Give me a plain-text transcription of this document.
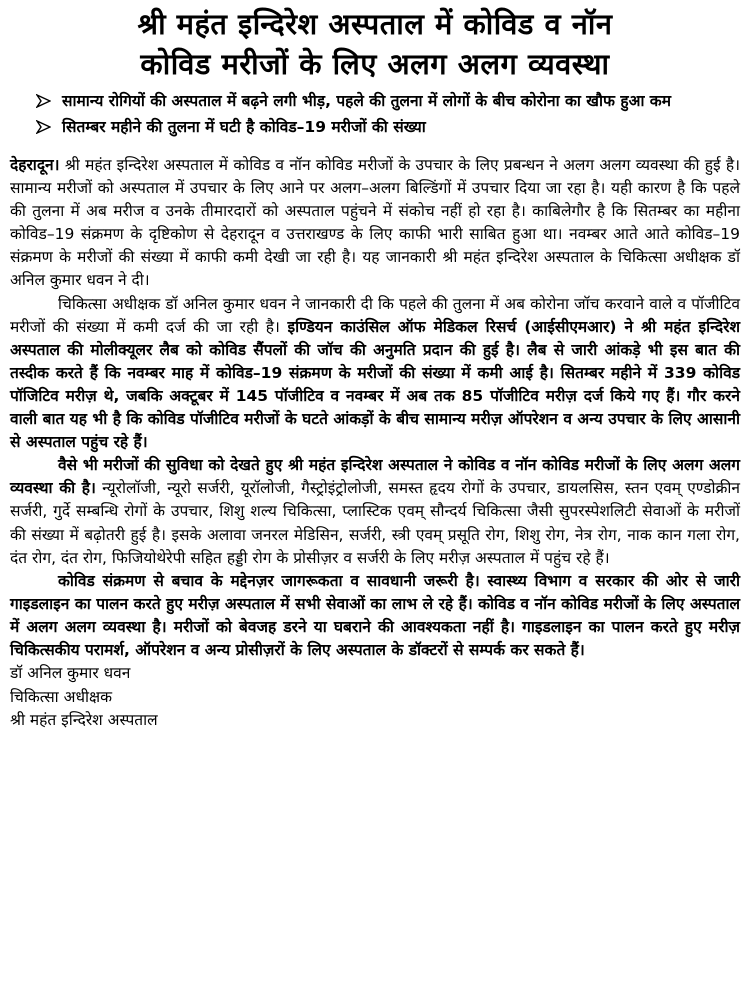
श्री महंत इन्दिरेश अस्पताल में कोविड व नॉन
कोविड मरीजों के लिए अलग अलग व्यवस्था
सामान्य रोगियों की अस्पताल में बढ़ने लगी भीड़, पहले की तुलना में लोगों के बीच कोरोना का खौफ हुआ कम
सितम्बर महीने की तुलना में घटी है कोविड–19 मरीजों की संख्या

देहरादून। श्री महंत इन्दिरेश अस्पताल में कोविड व नॉन कोविड मरीजों के उपचार के लिए प्रबन्धन ने अलग अलग व्यवस्था की हुई है। सामान्य मरीजों को अस्पताल में उपचार के लिए आने पर अलग–अलग बिल्डिंगों में उपचार दिया जा रहा है। यही कारण है कि पहले की तुलना में अब मरीज व उनके तीमारदारों को अस्पताल पहुंचने में संकोच नहीं हो रहा है। काबिलेगौर है कि सितम्बर का महीना कोविड–19 संक्रमण के दृष्टिकोण से देहरादून व उत्तराखण्ड के लिए काफी भारी साबित हुआ था। नवम्बर आते आते कोविड–19 संक्रमण के मरीजों की संख्या में काफी कमी देखी जा रही है। यह जानकारी श्री महंत इन्दिरेश अस्पताल के चिकित्सा अधीक्षक डॉ अनिल कुमार धवन ने दी।

चिकित्सा अधीक्षक डॉ अनिल कुमार धवन ने जानकारी दी कि पहले की तुलना में अब कोरोना जॉच करवाने वाले व पॉजीटिव मरीजों की संख्या में कमी दर्ज की जा रही है। इण्डियन काउंसिल ऑफ मेडिकल रिसर्च (आईसीएमआर) ने श्री महंत इन्दिरेश अस्पताल की मोलीक्यूलर लैब को कोविड सैंपलों की जॉच की अनुमति प्रदान की हुई है। लैब से जारी आंकड़े भी इस बात की तस्दीक करते हैं कि नवम्बर माह में कोविड–19 संक्रमण के मरीजों की संख्या में कमी आई है। सितम्बर महीने में 339 कोविड पॉजिटिव मरीज़ थे, जबकि अक्टूबर में 145 पॉजीटिव व नवम्बर में अब तक 85 पॉजीटिव मरीज़ दर्ज किये गए हैं। गौर करने वाली बात यह भी है कि कोविड पॉजीटिव मरीजों के घटते आंकड़ों के बीच सामान्य मरीज़ ऑपरेशन व अन्य उपचार के लिए आसानी से अस्पताल पहुंच रहे हैं।

वैसे भी मरीजों की सुविधा को देखते हुए श्री महंत इन्दिरेश अस्पताल ने कोविड व नॉन कोविड मरीजों के लिए अलग अलग व्यवस्था की है। न्यूरोलॉजी, न्यूरो सर्जरी, यूरॉलोजी, गैस्ट्रोइंट्रोलोजी, समस्त हृदय रोगों के उपचार, डायलसिस, स्तन एवम् एण्डोक्रीन सर्जरी, गुर्दे सम्बन्धि रोगों के उपचार, शिशु शल्य चिकित्सा, प्लास्टिक एवम् सौन्दर्य चिकित्सा जैसी सुपरस्पेशलिटी सेवाओं के मरीजों की संख्या में बढ़ोतरी हुई है। इसके अलावा जनरल मेडिसिन, सर्जरी, स्त्री एवम् प्रसूति रोग, शिशु रोग, नेत्र रोग, नाक कान गला रोग, दंत रोग, दंत रोग, फिजियोथेरेपी सहित हड्डी रोग के प्रोसीज़र व सर्जरी के लिए मरीज़ अस्पताल में पहुंच रहे हैं।

कोविड संक्रमण से बचाव के मद्देनज़र जागरूकता व सावधानी जरूरी है। स्वास्थ्य विभाग व सरकार की ओर से जारी गाइडलाइन का पालन करते हुए मरीज़ अस्पताल में सभी सेवाओं का लाभ ले रहे हैं। कोविड व नॉन कोविड मरीजों के लिए अस्पताल में अलग अलग व्यवस्था है। मरीजों को बेवजह डरने या घबराने की आवश्यकता नहीं है। गाइडलाइन का पालन करते हुए मरीज़ चिकित्सकीय परामर्श, ऑपरेशन व अन्य प्रोसीज़रों के लिए अस्पताल के डॉक्टरों से सम्पर्क कर सकते हैं।

डॉ अनिल कुमार धवन
चिकित्सा अधीक्षक
श्री महंत इन्दिरेश अस्पताल
